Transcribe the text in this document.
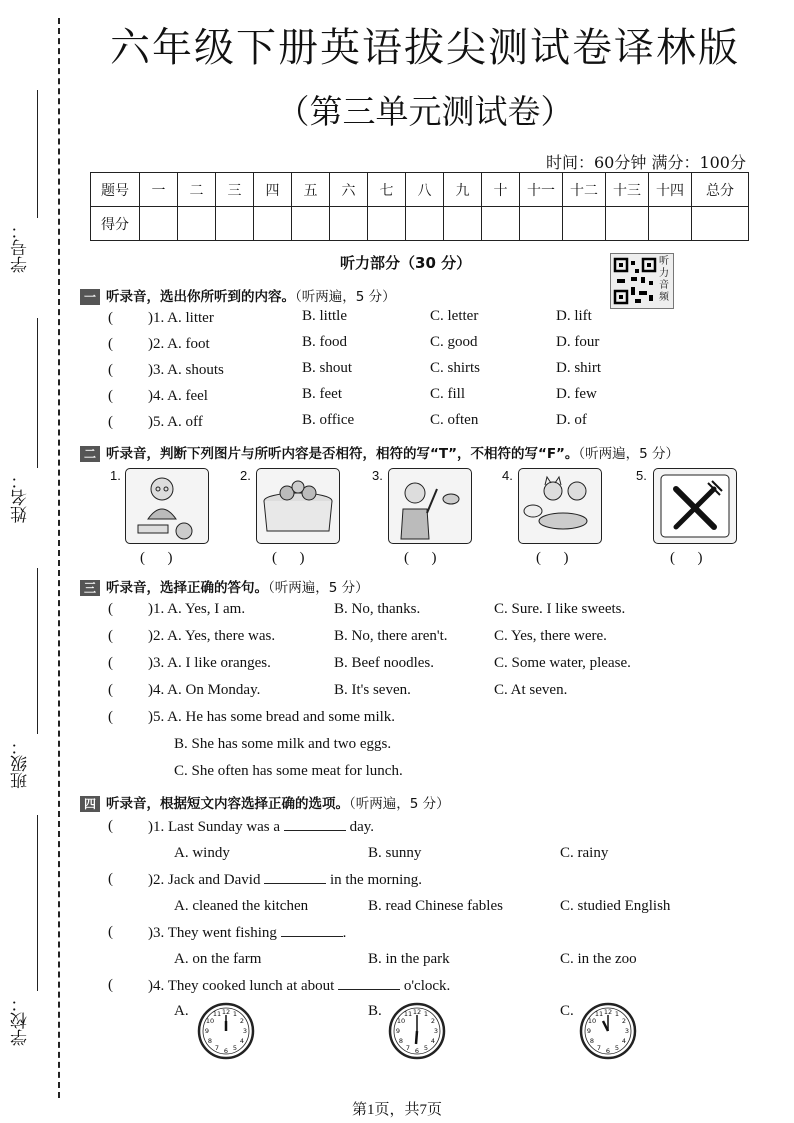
学号：
姓名：
班级：
学校：
六年级下册英语拔尖测试卷译林版
（第三单元测试卷）
时间：60分钟 满分：100分
题号	一	二	三	四	五	六	七	八	九	十	十一	十二	十三	十四	总分
得分															
听力部分（30 分）	听力音频
一 听录音，选出你所听到的内容。（听两遍，5 分）
( )1. A. litter	B. little	C. letter	D. lift
( )2. A. foot	B. food	C. good	D. four
( )3. A. shouts	B. shout	C. shirts	D. shirt
( )4. A. feel	B. feet	C. fill	D. few
( )5. A. off	B. office	C. often	D. of
二 听录音，判断下列图片与所听内容是否相符，相符的写“T”，不相符的写“F”。（听两遍，5 分）
1.
(      )
2.
(      )
3.
(      )
4.
(      )
5.
(      )
三 听录音，选择正确的答句。（听两遍，5 分）
( )1. A. Yes, I am.	B. No, thanks.	C. Sure. I like sweets.
( )2. A. Yes, there was.	B. No, there aren't.	C. Yes, there were.
( )3. A. I like oranges.	B. Beef noodles.	C. Some water, please.
( )4. A. On Monday.	B. It's seven.	C. At seven.
( )5. A. He has some bread and some milk.
B. She has some milk and two eggs.
C. She often has some meat for lunch.
四 听录音，根据短文内容选择正确的选项。（听两遍，5 分）
( )1. Last Sunday was a	day.
A. windy	B. sunny	C. rainy
( )2. Jack and David	in the morning.
A. cleaned the kitchen	B. read Chinese fables	C. studied English
( )3. They went fishing	.
A. on the farm	B. in the park	C. in the zoo
( )4. They cooked lunch at about	o'clock.
A.	B.	C.
12 1
2
3
4
5
6
7
8
9
10
11	12 1
2
3
4
5
6
7
8
9
10
11	12 1
2
3
4
5
6
7
8
9
10
11
第1页，共7页
